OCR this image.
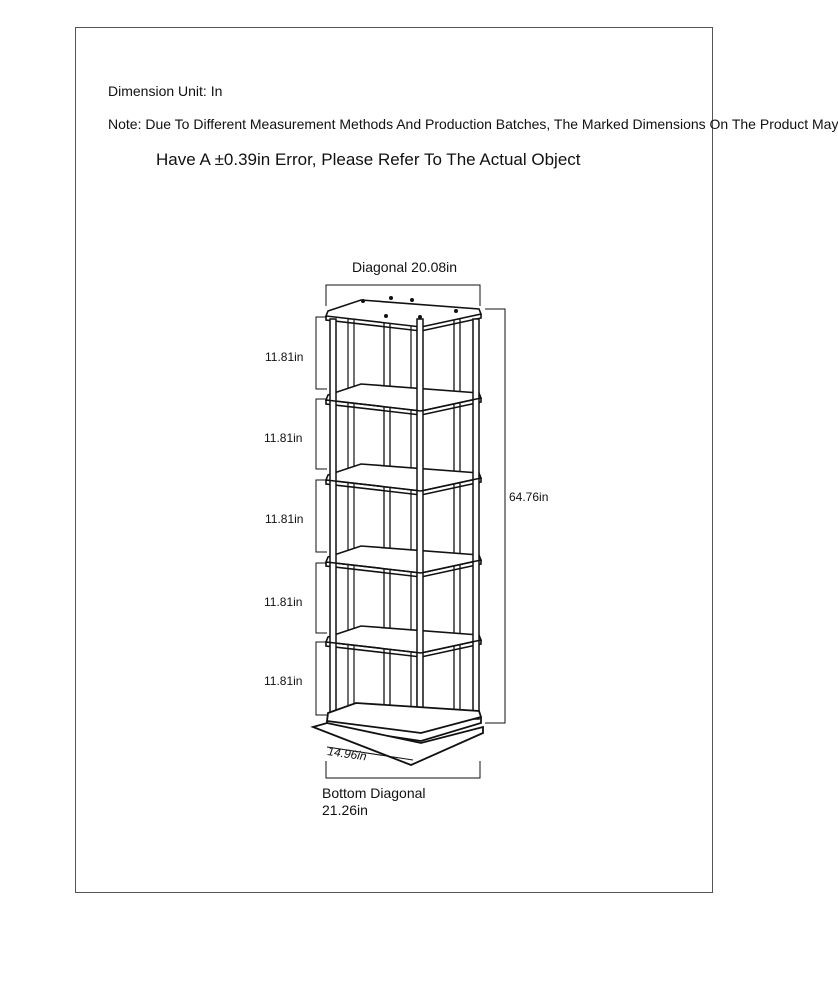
Dimension Unit: In
Note: Due To Different Measurement Methods And Production Batches, The Marked Dimensions On The Product May
Have A ±0.39in Error, Please Refer To The Actual Object
Diagonal 20.08in
11.81in
11.81in
11.81in
11.81in
11.81in
64.76in
14.96in
Bottom Diagonal
21.26in
